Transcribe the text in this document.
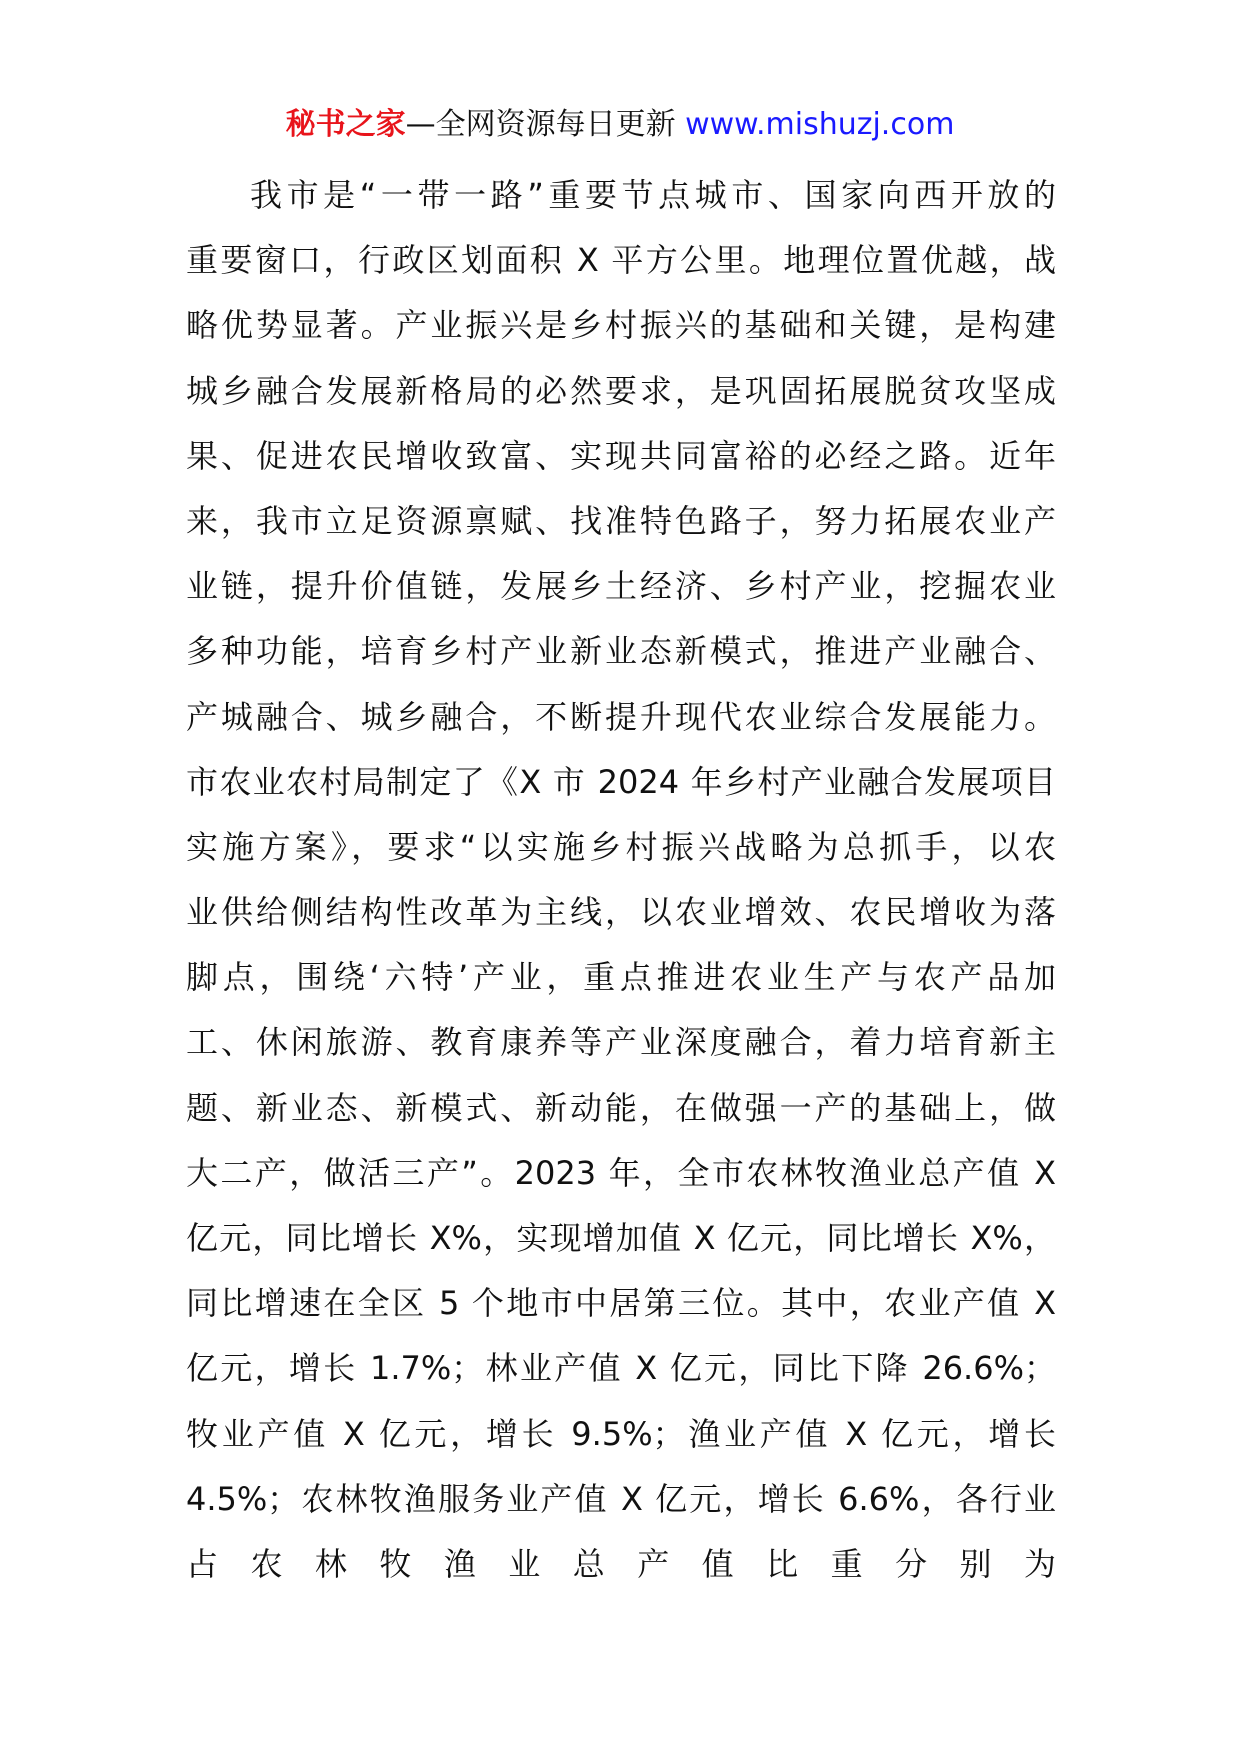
秘书之家—全网资源每日更新 www.mishuzj.com
我市是“一带一路”重要节点城市、国家向西开放的
重要窗口，行政区划面积 X 平方公里。地理位置优越，战
略优势显著。产业振兴是乡村振兴的基础和关键，是构建
城乡融合发展新格局的必然要求，是巩固拓展脱贫攻坚成
果、促进农民增收致富、实现共同富裕的必经之路。近年
来，我市立足资源禀赋、找准特色路子，努力拓展农业产
业链，提升价值链，发展乡土经济、乡村产业，挖掘农业
多种功能，培育乡村产业新业态新模式，推进产业融合、
产城融合、城乡融合，不断提升现代农业综合发展能力。
市农业农村局制定了《X 市 2024 年乡村产业融合发展项目
实施方案》，要求“以实施乡村振兴战略为总抓手，以农
业供给侧结构性改革为主线，以农业增效、农民增收为落
脚点，围绕‘六特’产业，重点推进农业生产与农产品加
工、休闲旅游、教育康养等产业深度融合，着力培育新主
题、新业态、新模式、新动能，在做强一产的基础上，做
大二产，做活三产”。2023 年，全市农林牧渔业总产值 X
亿元，同比增长 X%，实现增加值 X 亿元，同比增长 X%，
同比增速在全区 5 个地市中居第三位。其中，农业产值 X
亿元，增长 1.7%；林业产值 X 亿元，同比下降 26.6%；
牧业产值 X 亿元，增长 9.5%；渔业产值 X 亿元，增长
4.5%；农林牧渔服务业产值 X 亿元，增长 6.6%，各行业
占农林牧渔业总产值比重分别为
